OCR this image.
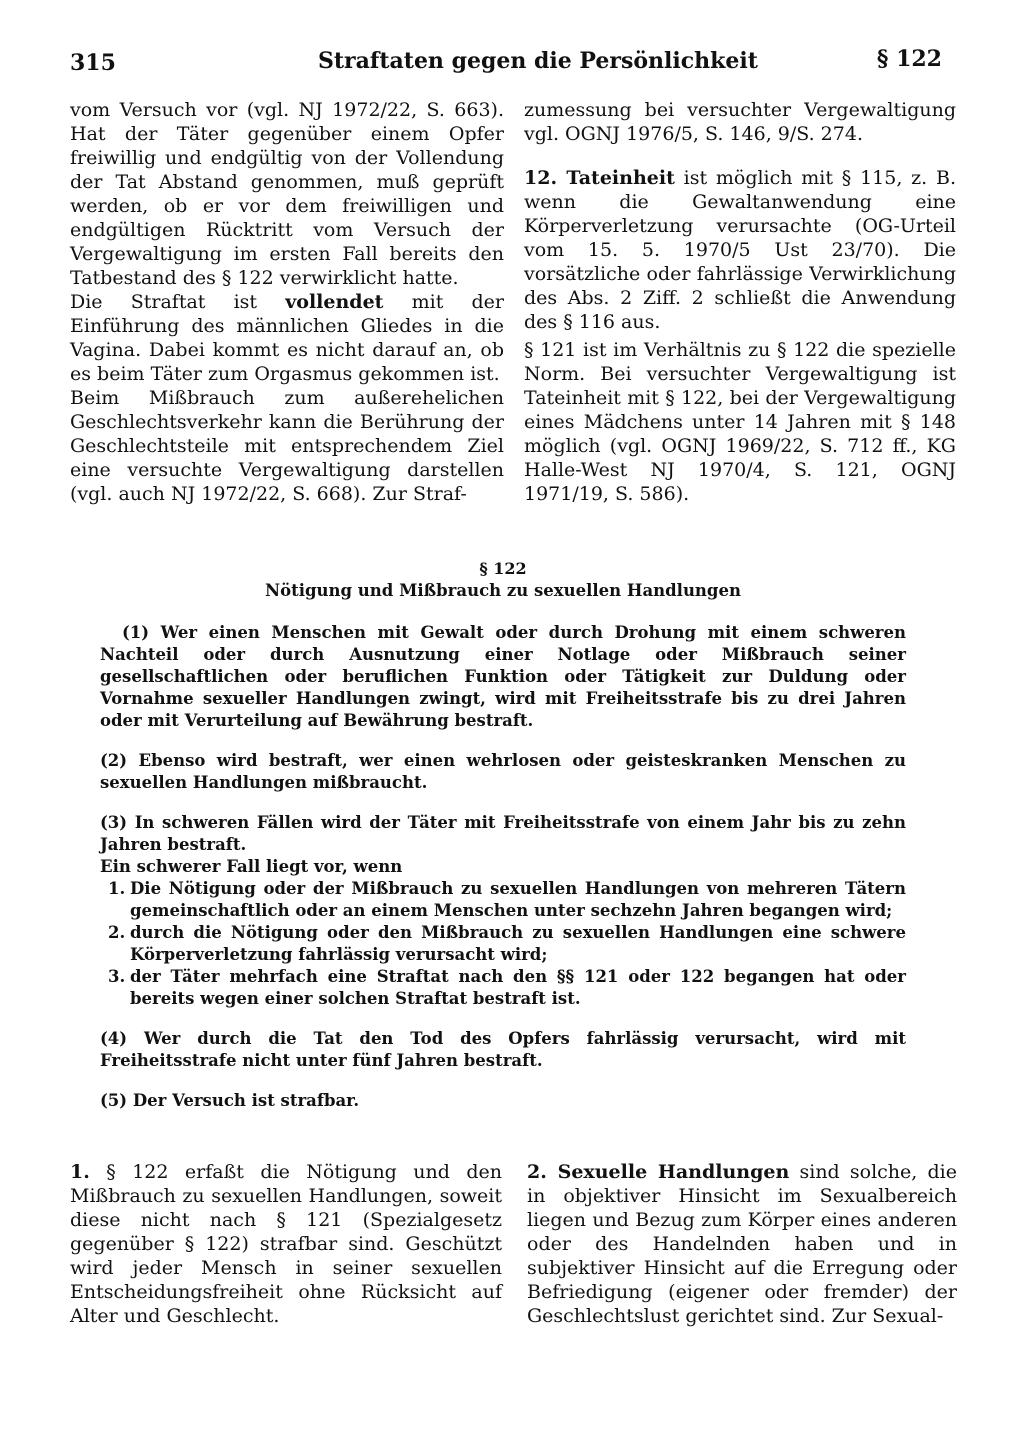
315	Straftaten gegen die Persönlichkeit	§ 122

vom Versuch vor (vgl. NJ 1972/22, S. 663). Hat der Täter gegenüber einem Opfer freiwillig und endgültig von der Vollendung der Tat Abstand genommen, muß geprüft werden, ob er vor dem freiwilligen und endgültigen Rücktritt vom Versuch der Vergewaltigung im ersten Fall bereits den Tatbestand des § 122 verwirklicht hatte.

Die Straftat ist vollendet mit der Einführung des männlichen Gliedes in die Vagina. Dabei kommt es nicht darauf an, ob es beim Täter zum Orgasmus gekommen ist.

Beim Mißbrauch zum außerehelichen Geschlechtsverkehr kann die Berührung der Geschlechtsteile mit entsprechendem Ziel eine versuchte Vergewaltigung darstellen (vgl. auch NJ 1972/22, S. 668). Zur Straf-

zumessung bei versuchter Vergewaltigung vgl. OGNJ 1976/5, S. 146, 9/S. 274.

12. Tateinheit ist möglich mit § 115, z. B. wenn die Gewaltanwendung eine Körperverletzung verursachte (OG-Urteil vom 15. 5. 1970/5 Ust 23/70). Die vorsätzliche oder fahrlässige Verwirklichung des Abs. 2 Ziff. 2 schließt die Anwendung des § 116 aus.

§ 121 ist im Verhältnis zu § 122 die spezielle Norm. Bei versuchter Vergewaltigung ist Tateinheit mit § 122, bei der Vergewaltigung eines Mädchens unter 14 Jahren mit § 148 möglich (vgl. OGNJ 1969/22, S. 712 ff., KG Halle-West NJ 1970/4, S. 121, OGNJ 1971/19, S. 586).

§ 122
Nötigung und Mißbrauch zu sexuellen Handlungen

(1) Wer einen Menschen mit Gewalt oder durch Drohung mit einem schweren Nachteil oder durch Ausnutzung einer Notlage oder Mißbrauch seiner gesellschaftlichen oder beruflichen Funktion oder Tätigkeit zur Duldung oder Vornahme sexueller Handlungen zwingt, wird mit Freiheitsstrafe bis zu drei Jahren oder mit Verurteilung auf Bewährung bestraft.

(2) Ebenso wird bestraft, wer einen wehrlosen oder geisteskranken Menschen zu sexuellen Handlungen mißbraucht.

(3) In schweren Fällen wird der Täter mit Freiheitsstrafe von einem Jahr bis zu zehn Jahren bestraft.

Ein schwerer Fall liegt vor, wenn

1. Die Nötigung oder der Mißbrauch zu sexuellen Handlungen von mehreren Tätern gemeinschaftlich oder an einem Menschen unter sechzehn Jahren begangen wird;
2. durch die Nötigung oder den Mißbrauch zu sexuellen Handlungen eine schwere Körperverletzung fahrlässig verursacht wird;
3. der Täter mehrfach eine Straftat nach den §§ 121 oder 122 begangen hat oder bereits wegen einer solchen Straftat bestraft ist.

(4) Wer durch die Tat den Tod des Opfers fahrlässig verursacht, wird mit Freiheitsstrafe nicht unter fünf Jahren bestraft.

(5) Der Versuch ist strafbar.

1. § 122 erfaßt die Nötigung und den Mißbrauch zu sexuellen Handlungen, soweit diese nicht nach § 121 (Spezialgesetz gegenüber § 122) strafbar sind. Geschützt wird jeder Mensch in seiner sexuellen Entscheidungsfreiheit ohne Rücksicht auf Alter und Geschlecht.

2. Sexuelle Handlungen sind solche, die in objektiver Hinsicht im Sexualbereich liegen und Bezug zum Körper eines anderen oder des Handelnden haben und in subjektiver Hinsicht auf die Erregung oder Befriedigung (eigener oder fremder) der Geschlechtslust gerichtet sind. Zur Sexual-
